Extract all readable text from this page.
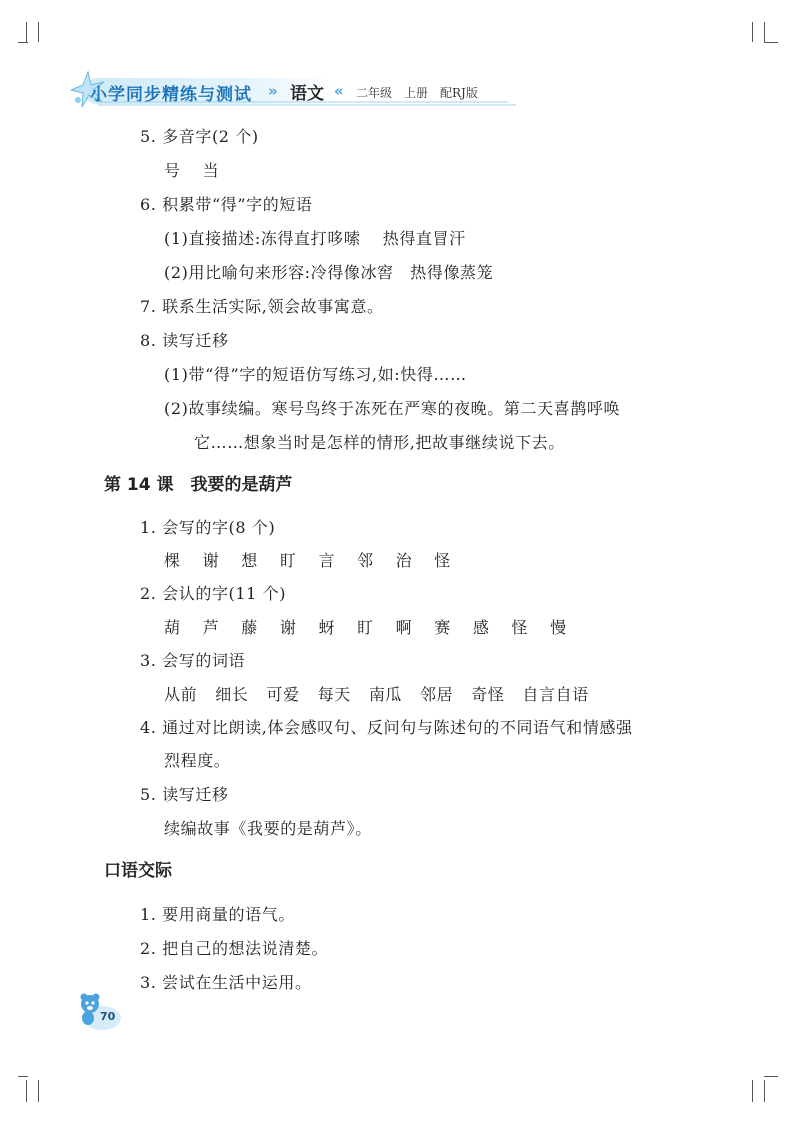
小学同步精练与测试 » 语文 « 二年级　上册　配RJ版
5. 多音字(2 个)
号 当
6. 积累带“得”字的短语
(1)直接描述:冻得直打哆嗦　 热得直冒汗
(2)用比喻句来形容:冷得像冰窖　热得像蒸笼
7. 联系生活实际,领会故事寓意。
8. 读写迁移
(1)带“得”字的短语仿写练习,如:快得……
(2)故事续编。寒号鸟终于冻死在严寒的夜晚。第二天喜鹊呼唤
它……想象当时是怎样的情形,把故事继续说下去。
第 14 课　我要的是葫芦
1. 会写的字(8 个)
棵 谢 想 盯 言 邻 治 怪
2. 会认的字(11 个)
葫 芦 藤 谢 蚜 盯 啊 赛 感 怪 慢
3. 会写的词语
从前 细长 可爱 每天 南瓜 邻居 奇怪 自言自语
4. 通过对比朗读,体会感叹句、反问句与陈述句的不同语气和情感强
烈程度。
5. 读写迁移
续编故事《我要的是葫芦》。
口语交际
1. 要用商量的语气。
2. 把自己的想法说清楚。
3. 尝试在生活中运用。
70
